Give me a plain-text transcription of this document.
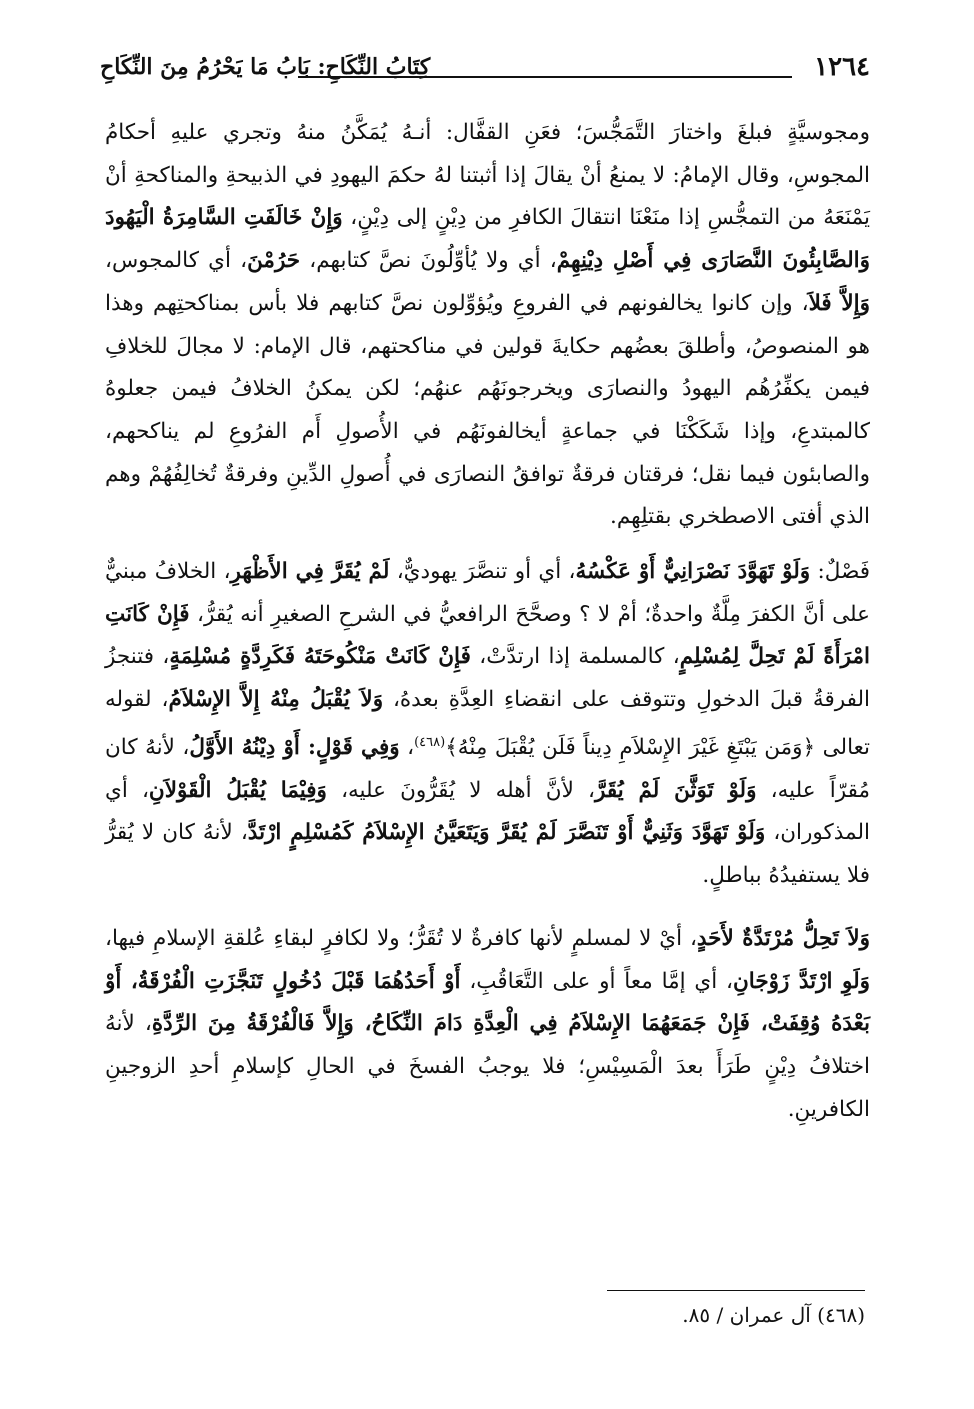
١٢٦٤
كِتَابُ النِّكَاحِ: بَابُ مَا يَحْرُمُ مِنَ النِّكَاحِ

ومجوسيَّةٍ فبلغَ واختارَ التَّمَجُّسَ؛ فعَنِ القفَّال: أنـهُ يُمَكَّنُ منهُ وتجري عليهِ أحكامُ المجوسِ، وقال الإمامُ: لا يمنعُ أنْ يقالَ إذا أثبتنا لهُ حكمَ اليهودِ في الذبيحةِ والمناكحةِ أنْ يَمْنَعَهُ من التمجُّسِ إذا منَعْنَا انتقالَ الكافرِ من دِيْنٍ إلى دِيْنٍ، وَإِنْ خَالَفَتِ السَّامِرَةُ الْيَهُودَ وَالصَّابِئُونَ النَّصَارَى فِي أَصْلِ دِيْنِهِمْ، أي ولا يُأوِّلُونَ نصَّ كتابهم، حَرُمْنَ، أي كالمجوس، وَإِلاَّ فَلاَ، وإن كانوا يخالفونهم في الفروعِ ويُؤوِّلون نصَّ كتابهم فلا بأس بمناكحتِهم وهذا هو المنصوصُ، وأطلقَ بعضُهم حكايةَ قولين في مناكحتهم، قال الإمام: لا مجالَ للخلافِ فيمن يكفِّرُهُم اليهودُ والنصارَى ويخرجونَهُم عنهُم؛ لكن يمكنُ الخلافُ فيمن جعلوهُ كالمبتدعِ، وإذا شَكَكْنَا في جماعةٍ أيخالفونَهُم في الأُصولِ أَم الفرُوعِ لم يناكحهم، والصابئون فيما نقل؛ فرقتان فرقةٌ توافقُ النصارَى في أُصولِ الدِّينِ وفرقةٌ تُخالِفُهُمْ وهم الذي أفتى الاصطخري بقتلِهِم.

فَصْلٌ: وَلَوْ تَهَوَّدَ نَصْرَانِيٌّ أَوْ عَكْسُهُ، أي أو تنصَّرَ يهوديٌّ، لَمْ يُقَرَّ فِي الأَظْهَرِ، الخلافُ مبنيٌّ على أنَّ الكفرَ مِلَّةٌ واحدةٌ؛ أمْ لا ؟ وصحَّحَ الرافعيُّ في الشرحِ الصغيرِ أنه يُقرُّ، فَإِنْ كَانَتِ امْرَأَةً لَمْ تَحِلَّ لِمُسْلِمٍ، كالمسلمة إذا ارتدَّتْ، فَإِنْ كَانَتْ مَنْكُوحَتَهُ فَكَرِدَّةٍ مُسْلِمَةٍ، فتنجزُ الفرقةُ قبلَ الدخولِ وتتوقف على انقضاءِ العِدَّةِ بعدهُ، وَلاَ يُقْبَلُ مِنْهُ إِلاَّ الإِسْلاَمُ، لقوله تعالى ﴿وَمَن يَبْتَغِ غَيْرَ الإِسْلاَمِ دِيناً فَلَن يُقْبَلَ مِنْهُ﴾$^{(٤٦٨)}$، وَفِي قَوْلٍ: أَوْ دِيْنُهُ الأَوَّلُ، لأنهُ كان مُقرّاً عليه، وَلَوْ تَوَثَّنَ لَمْ يُقَرَّ، لأنَّ أهله لا يُقَرُّونَ عليه، وَفِيْمَا يُقْبَلُ الْقَوْلاَنِ، أي المذكوران، وَلَوْ تَهَوَّدَ وَثَنِيٌّ أَوْ تَنَصَّرَ لَمْ يُقَرَّ وَيَتَعَيَّنُ الإِسْلاَمُ كَمُسْلِمٍ ارْتَدَّ، لأنهُ كان لا يُقرُّ فلا يستفيدُهُ بباطلٍ.

وَلاَ تَحِلُّ مُرْتَدَّةٌ لأَحَدٍ، أيْ لا لمسلمٍ لأنها كافرةٌ لا تُقَرُّ؛ ولا لكافرٍ لبقاءِ عُلقةِ الإسلامِ فيها، وَلَوِ ارْتَدَّ زَوْجَانِ، أي إمَّا معاً أو على التَّعَاقُبِ، أَوْ أَحَدُهُمَا قَبْلَ دُخُولٍ تَنَجَّزَتِ الْفُرْقَةُ، أَوْ بَعْدَهُ وُقِفَتْ، فَإِنْ جَمَعَهُمَا الإِسْلاَمُ فِي الْعِدَّةِ دَامَ النِّكَاحُ، وَإِلاَّ فَالْفُرْقَةُ مِنَ الرِّدَّةِ، لأنهُ اختلافُ دِيْنٍ طَرَأَ بعدَ الْمَسِيْسِ؛ فلا يوجبُ الفسخَ في الحالِ كإسلامِ أحدِ الزوجينِ الكافرينِ.

(٤٦٨) آل عمران / ٨٥.
